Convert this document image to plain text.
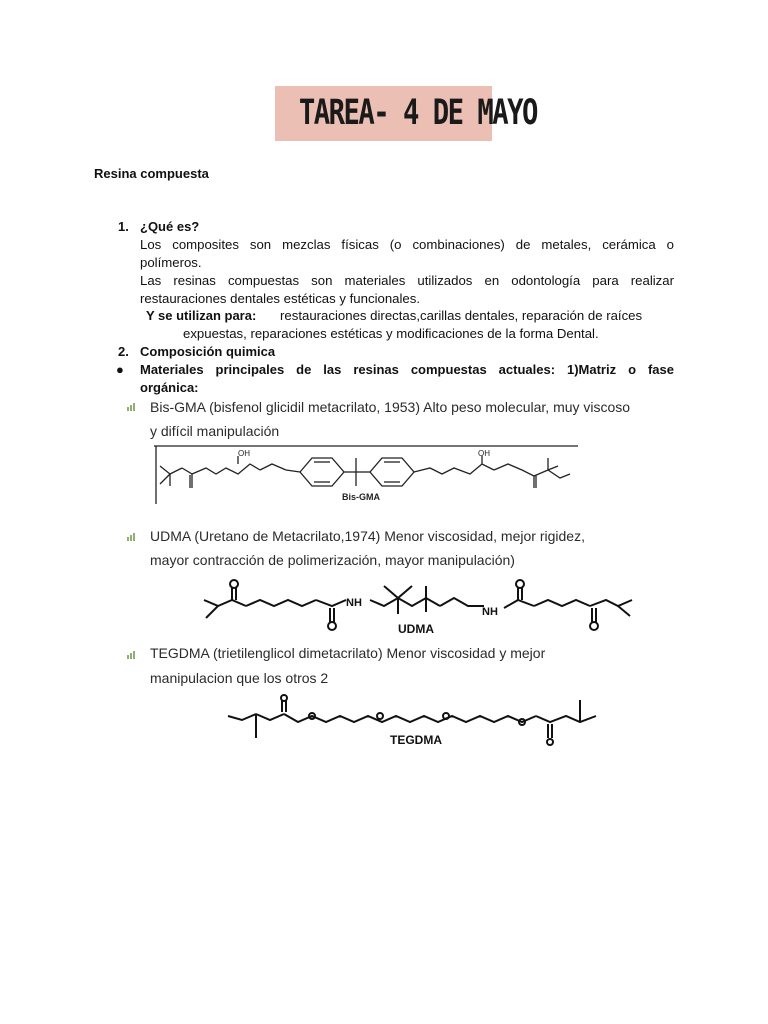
TAREA- 4 DE MAYO
Resina compuesta
1. ¿Qué es?
Los composites son mezclas físicas (o combinaciones) de metales, cerámica o
polímeros.
Las resinas compuestas son materiales utilizados en odontología para realizar
restauraciones dentales estéticas y funcionales.
Y se utilizan para: restauraciones directas,carillas dentales, reparación de raíces
expuestas, reparaciones estéticas y modificaciones de la forma Dental.
2. Composición quimica
● Materiales principales de las resinas compuestas actuales: 1)Matriz o fase
orgánica:
Bis-GMA (bisfenol glicidil metacrilato, 1953) Alto peso molecular, muy viscoso
y difícil manipulación
OH	OH
Bis-GMA
UDMA (Uretano de Metacrilato,1974) Menor viscosidad, mejor rigidez,
mayor contracción de polimerización, mayor manipulación)
NH
NH
UDMA
TEGDMA (trietilenglicol dimetacrilato) Menor viscosidad y mejor
manipulacion que los otros 2
TEGDMA
